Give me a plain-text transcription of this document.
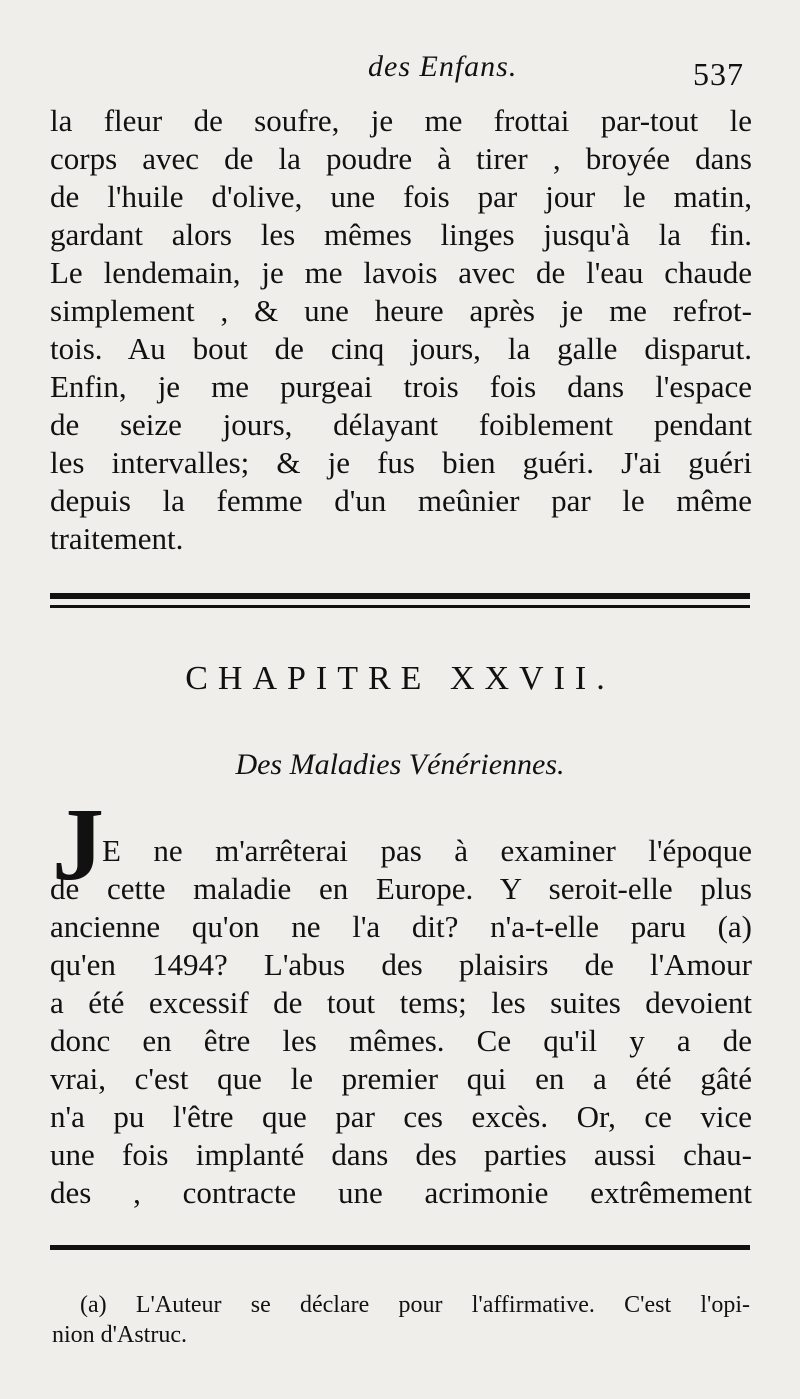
des Enfans.	537
la fleur de soufre, je me frottai par-tout le
corps avec de la poudre à tirer , broyée dans
de l'huile d'olive, une fois par jour le matin,
gardant alors les mêmes linges jusqu'à la fin.
Le lendemain, je me lavois avec de l'eau chaude
simplement , & une heure après je me refrot-
tois. Au bout de cinq jours, la galle disparut.
Enfin, je me purgeai trois fois dans l'espace
de seize jours, délayant foiblement pendant
les intervalles; & je fus bien guéri. J'ai guéri
depuis la femme d'un meûnier par le même
traitement.
CHAPITRE XXVII.
Des Maladies Vénériennes.
J
E ne m'arrêterai pas à examiner l'époque
de cette maladie en Europe. Y seroit-elle plus
ancienne qu'on ne l'a dit? n'a-t-elle paru (a)
qu'en 1494? L'abus des plaisirs de l'Amour
a été excessif de tout tems; les suites devoient
donc en être les mêmes. Ce qu'il y a de
vrai, c'est que le premier qui en a été gâté
n'a pu l'être que par ces excès. Or, ce vice
une fois implanté dans des parties aussi chau-
des , contracte une acrimonie extrêmement
(a) L'Auteur se déclare pour l'affirmative. C'est l'opi-
nion d'Astruc.
